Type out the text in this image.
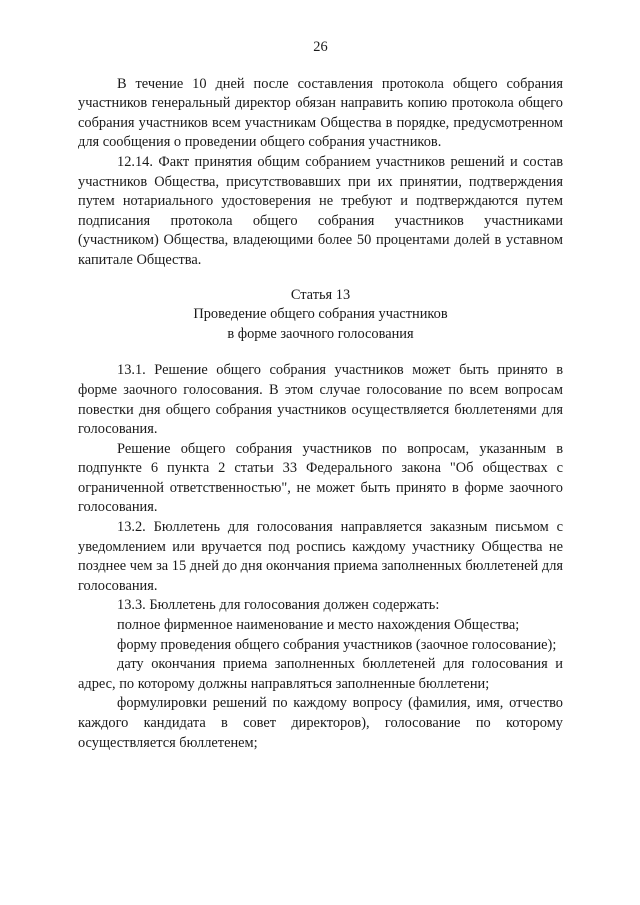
26

В течение 10 дней после составления протокола общего собрания участников генеральный директор обязан направить копию протокола общего собрания участников всем участникам Общества в порядке, предусмотренном для сообщения о проведении общего собрания участников.

12.14. Факт принятия общим собранием участников решений и состав участников Общества, присутствовавших при их принятии, подтверждения путем нотариального удостоверения не требуют и подтверждаются путем подписания протокола общего собрания участников участниками (участником) Общества, владеющими более 50 процентами долей в уставном капитале Общества.

Статья 13

Проведение общего собрания участников

в форме заочного голосования

13.1. Решение общего собрания участников может быть принято в форме заочного голосования. В этом случае голосование по всем вопросам повестки дня общего собрания участников осуществляется бюллетенями для голосования.

Решение общего собрания участников по вопросам, указанным в подпункте 6 пункта 2 статьи 33 Федерального закона "Об обществах с ограниченной ответственностью", не может быть принято в форме заочного голосования.

13.2. Бюллетень для голосования направляется заказным письмом с уведомлением или вручается под роспись каждому участнику Общества не позднее чем за 15 дней до дня окончания приема заполненных бюллетеней для голосования.

13.3. Бюллетень для голосования должен содержать:

полное фирменное наименование и место нахождения Общества;

форму проведения общего собрания участников (заочное голосование);

дату окончания приема заполненных бюллетеней для голосования и адрес, по которому должны направляться заполненные бюллетени;

формулировки решений по каждому вопросу (фамилия, имя, отчество каждого кандидата в совет директоров), голосование по которому осуществляется бюллетенем;
